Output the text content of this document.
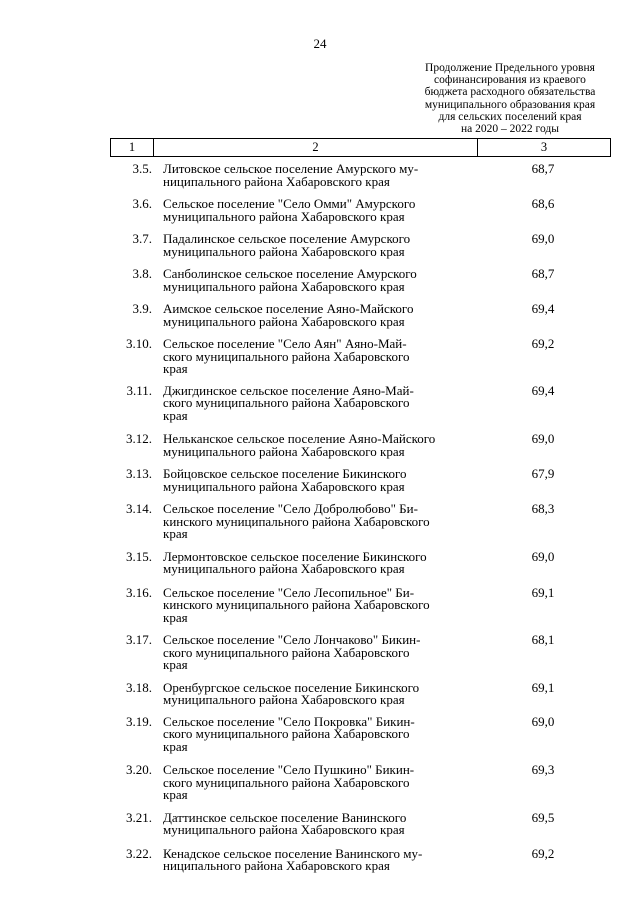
24
Продолжение Предельного уровня
софинансирования из краевого
бюджета расходного обязательства
муниципального образования края
для сельских поселений края
на 2020 – 2022 годы
1	2	3
3.5. Литовское сельское поселение Амурского му-
ниципального района Хабаровского края
68,7
3.6. Сельское поселение "Село Омми" Амурского
муниципального района Хабаровского края
68,6
3.7. Падалинское сельское поселение Амурского
муниципального района Хабаровского края
69,0
3.8. Санболинское сельское поселение Амурского
муниципального района Хабаровского края
68,7
3.9. Аимское сельское поселение Аяно-Майского
муниципального района Хабаровского края
69,4
3.10. Сельское поселение "Село Аян" Аяно-Май-
ского муниципального района Хабаровского
края
69,2
3.11. Джигдинское сельское поселение Аяно-Май-
ского муниципального района Хабаровского
края
69,4
3.12. Нельканское сельское поселение Аяно-Майского
муниципального района Хабаровского края
69,0
3.13. Бойцовское сельское поселение Бикинского
муниципального района Хабаровского края
67,9
3.14. Сельское поселение "Село Добролюбово" Би-
кинского муниципального района Хабаровского
края
68,3
3.15. Лермонтовское сельское поселение Бикинского
муниципального района Хабаровского края
69,0
3.16. Сельское поселение "Село Лесопильное" Би-
кинского муниципального района Хабаровского
края
69,1
3.17. Сельское поселение "Село Лончаково" Бикин-
ского муниципального района Хабаровского
края
68,1
3.18. Оренбургское сельское поселение Бикинского
муниципального района Хабаровского края
69,1
3.19. Сельское поселение "Село Покровка" Бикин-
ского муниципального района Хабаровского
края
69,0
3.20. Сельское поселение "Село Пушкино" Бикин-
ского муниципального района Хабаровского
края
69,3
3.21. Даттинское сельское поселение Ванинского
муниципального района Хабаровского края
69,5
3.22. Кенадское сельское поселение Ванинского му-
ниципального района Хабаровского края
69,2
